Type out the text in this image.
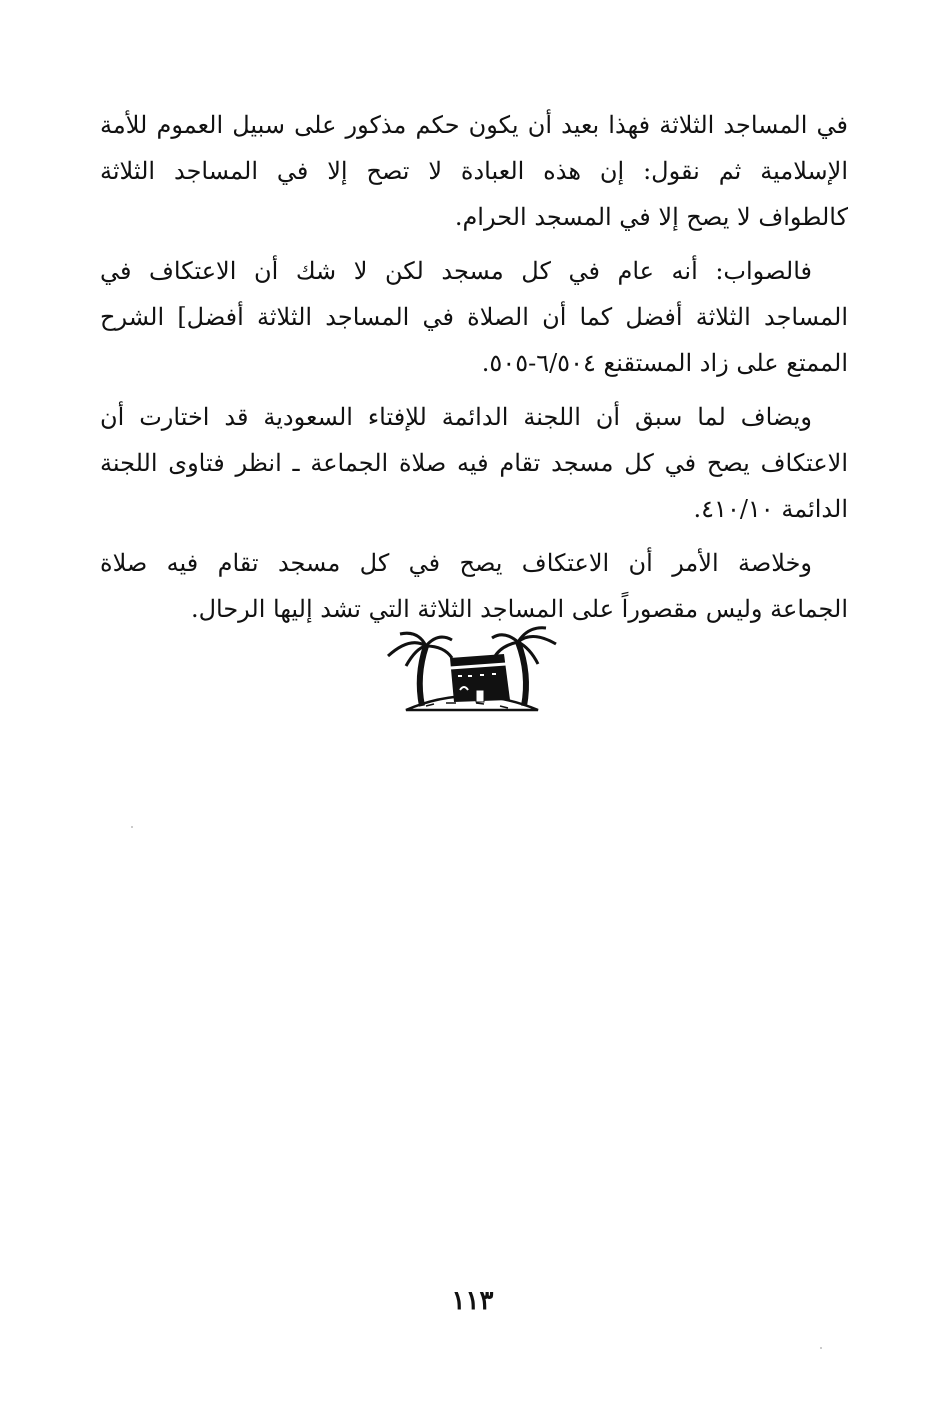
في المساجد الثلاثة فهذا بعيد أن يكون حكم مذكور على سبيل العموم للأمة
الإسلامية ثم نقول: إن هذه العبادة لا تصح إلا في المساجد الثلاثة
كالطواف لا يصح إلا في المسجد الحرام.

فالصواب: أنه عام في كل مسجد لكن لا شك أن الاعتكاف في
المساجد الثلاثة أفضل كما أن الصلاة في المساجد الثلاثة أفضل] الشرح
الممتع على زاد المستقنع ٦/٥٠٤-٥٠٥.

ويضاف لما سبق أن اللجنة الدائمة للإفتاء السعودية قد اختارت أن
الاعتكاف يصح في كل مسجد تقام فيه صلاة الجماعة ـ انظر فتاوى اللجنة
الدائمة ٤١٠/١٠.

وخلاصة الأمر أن الاعتكاف يصح في كل مسجد تقام فيه صلاة
الجماعة وليس مقصوراً على المساجد الثلاثة التي تشد إليها الرحال.

١١٣
